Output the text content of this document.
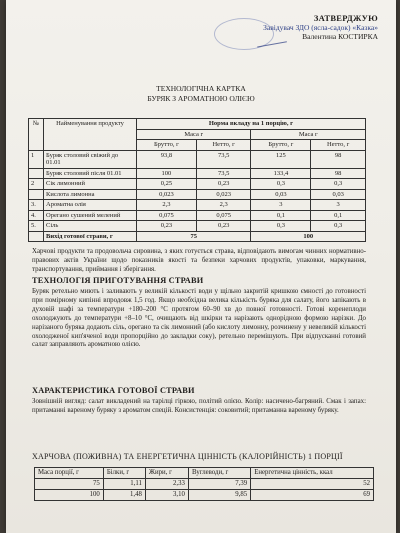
ЗАТВЕРДЖУЮ
Завідувач ЗДО (ясла-садок) «Казка»
Валентина КОСТИРКА
ТЕХНОЛОГІЧНА КАРТКА
БУРЯК З АРОМАТНОЮ ОЛІЄЮ
№	Найменування продукту	Норма вкладу на 1 порцію, г			
		Маса г		Маса г	
		Брутто, г	Нетто, г	Брутто, г	Нетто, г
1	Буряк столовий свіжий до 01.01	93,8	73,5	125	98
	Буряк столовий після 01.01	100	73,5	133,4	98
2	Сік лимонний	0,25	0,23	0,3	0,3
	Кислота лимонна	0,023	0,023	0,03	0,03
3.	Ароматна олія	2,3	2,3	3	3
4.	Орегано сушений мелений	0,075	0,075	0,1	0,1
5.	Сіль	0,23	0,23	0,3	0,3
	Вихід готової страви, г	75		100	
Харчові продукти та продовольча сировина, з яких готується страва, відповідають вимогам чинних нормативно-правових актів України щодо показників якості та безпеки харчових продуктів, упаковки, маркування, транспортування, приймання і зберігання.
ТЕХНОЛОГІЯ ПРИГОТУВАННЯ СТРАВИ
Буряк ретельно миють і заливають у великій кількості води у щільно закритій кришкою ємності до готовності при помірному кипінні впродовж 1,5 год. Якщо необхідна велика кількість буряка для салату, його запікають в духовій шафі за температури +180–200 °С протягом 60–90 хв до повної готовності. Готові коренеплоди охолоджують до температури +8–10 °С, очищають від шкірки та нарізають однорідною формою нарізки. До нарізаного буряка додають сіль, орегано та сік лимонний (або кислоту лимонну, розчинену у невеликій кількості охолодженої кип'яченої води пропорційно до закладки соку), ретельно перемішують. При відпусканні готовий салат заправляють ароматною олією.
ХАРАКТЕРИСТИКА ГОТОВОЇ СТРАВИ
Зовнішній вигляд: салат викладений на тарілці гіркою, політий олією. Колір: насичено-багряний. Смак і запах: притаманні вареному буряку з ароматом спецій. Консистенція: соковитий; притаманна вареному буряку.
ХАРЧОВА (ПОЖИВНА) ТА ЕНЕРГЕТИЧНА ЦІННІСТЬ (КАЛОРІЙНІСТЬ) 1 ПОРЦІЇ
Маса порції, г	Білки, г	Жири, г	Вуглеводи, г	Енергетична цінність, ккал
75	1,11	2,33	7,39	52
100	1,48	3,10	9,85	69
